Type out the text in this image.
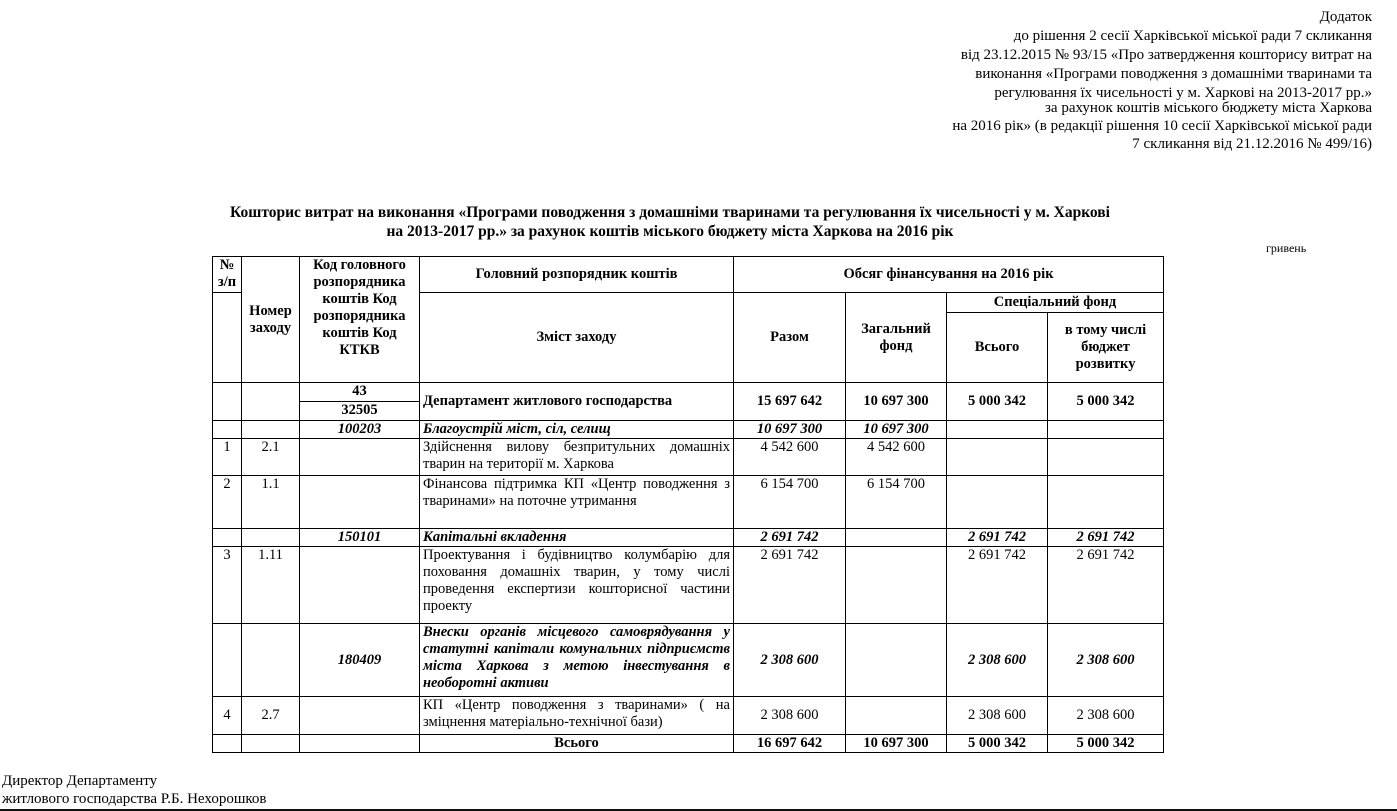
Додаток
до рішення 2 сесії Харківської міської ради 7 скликання
від 23.12.2015 № 93/15 «Про затвердження кошторису витрат на
виконання «Програми поводження з домашніми тваринами та
регулювання їх чисельності у м. Харкові на 2013-2017 рр.»
за рахунок коштів міського бюджету міста Харкова
на 2016 рік» (в редакції рішення 10 сесії Харківської міської ради
7 скликання від 21.12.2016 № 499/16)
Кошторис витрат на виконання «Програми поводження з домашніми тваринами та регулювання їх чисельності у м. Харкові
на 2013-2017 рр.» за рахунок коштів міського бюджету міста Харкова на 2016 рік
гривень
№ з/п	Номер заходу	Код головного розпорядника коштів Код розпорядника коштів Код КТКВ	Головний розпорядник коштів	Обсяг фінансування на 2016 рік			
			Зміст заходу	Разом	Загальний фонд	Спеціальний фонд	
						Всього	в тому числі бюджет розвитку
		43	Департамент житлового господарства	15 697 642	10 697 300	5 000 342	5 000 342
		32505					
		100203	Благоустрій міст, сіл, селищ	10 697 300	10 697 300		
1	2.1		Здійснення вилову безпритульних домашніх тварин на території м. Харкова	4 542 600	4 542 600		
2	1.1		Фінансова підтримка КП «Центр поводження з тваринами» на поточне утримання	6 154 700	6 154 700		
		150101	Капітальні вкладення	2 691 742		2 691 742	2 691 742
3	1.11		Проектування і будівництво колумбарію для поховання домашніх тварин, у тому числі проведення експертизи кошторисної частини проекту	2 691 742		2 691 742	2 691 742
		180409	Внески органів місцевого самоврядування у статутні капітали комунальних підприємств міста Харкова з метою інвестування в необоротні активи	2 308 600		2 308 600	2 308 600
4	2.7		КП «Центр поводження з тваринами» ( на зміцнення матеріально-технічної бази)	2 308 600		2 308 600	2 308 600
			Всього	16 697 642	10 697 300	5 000 342	5 000 342
Директор Департаменту
житлового господарства Р.Б. Нехорошков
